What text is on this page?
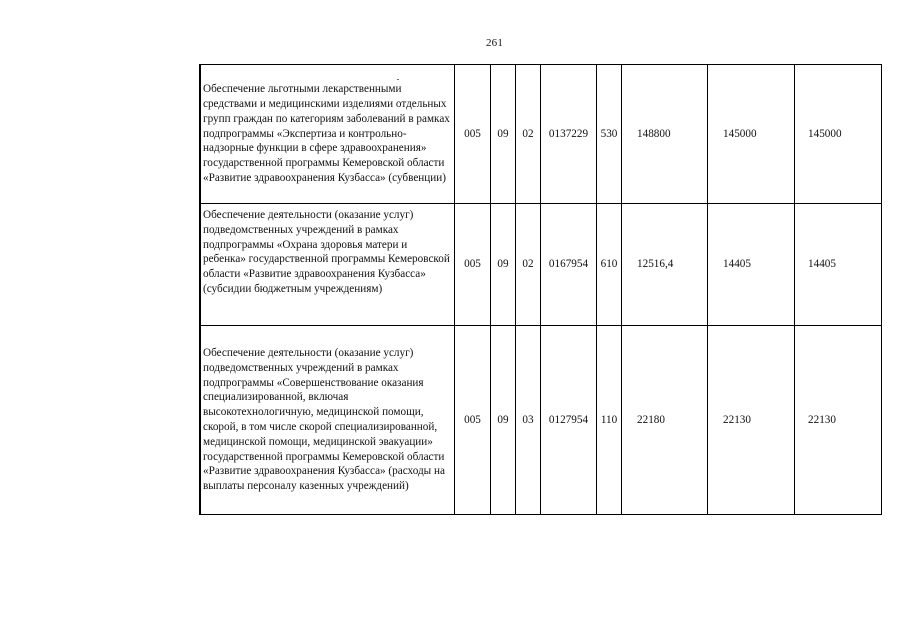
261
Обеспечение льготными лекарственными средствами и медицинскими изделиями отдельных групп граждан по категориям заболеваний в рамках подпрограммы «Экспертиза и контрольно-надзорные функции в сфере здравоохранения» государственной программы Кемеровской области «Развитие здравоохранения Кузбасса» (субвенции)	005	09	02	0137229	530	148800	145000	145000
Обеспечение деятельности (оказание услуг) подведомственных учреждений в рамках подпрограммы «Охрана здоровья матери и ребенка» государственной программы Кемеровской области «Развитие здравоохранения Кузбасса» (субсидии бюджетным учреждениям)	005	09	02	0167954	610	12516,4	14405	14405
Обеспечение деятельности (оказание услуг) подведомственных учреждений в рамках подпрограммы «Совершенствование оказания специализированной, включая высокотехнологичную, медицинской помощи, скорой, в том числе скорой специализированной, медицинской помощи, медицинской эвакуации» государственной программы Кемеровской области «Развитие здравоохранения Кузбасса» (расходы на выплаты персоналу казенных учреждений)	005	09	03	0127954	110	22180	22130	22130
